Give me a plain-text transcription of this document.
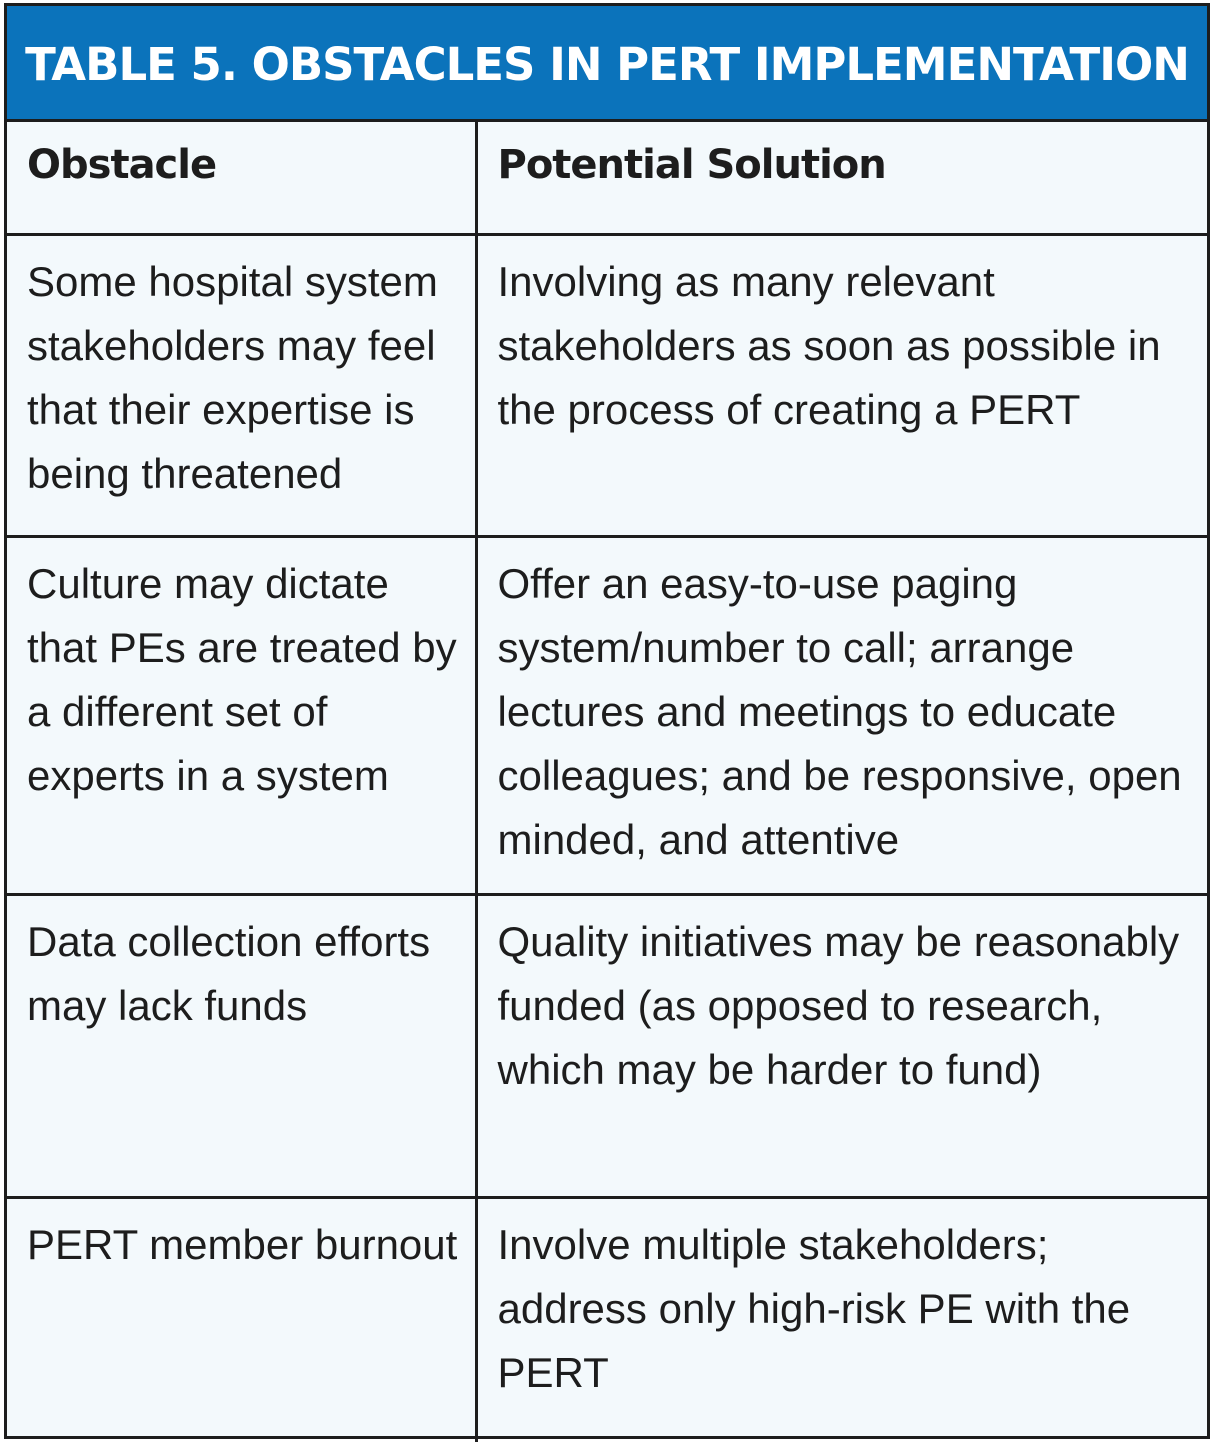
TABLE 5. OBSTACLES IN PERT IMPLEMENTATION
Obstacle	Potential Solution
Some hospital system stakeholders may feel that their expertise is being threatened	Involving as many relevant stakeholders as soon as possible in the process of creating a PERT
Culture may dictate that PEs are treated by a different set of experts in a system	Offer an easy-to-use paging system/number to call; arrange lectures and meetings to educate colleagues; and be responsive, open minded, and attentive
Data collection efforts may lack funds	Quality initiatives may be reasonably funded (as opposed to research, which may be harder to fund)
PERT member burnout	Involve multiple stakeholders; address only high-risk PE with the PERT
